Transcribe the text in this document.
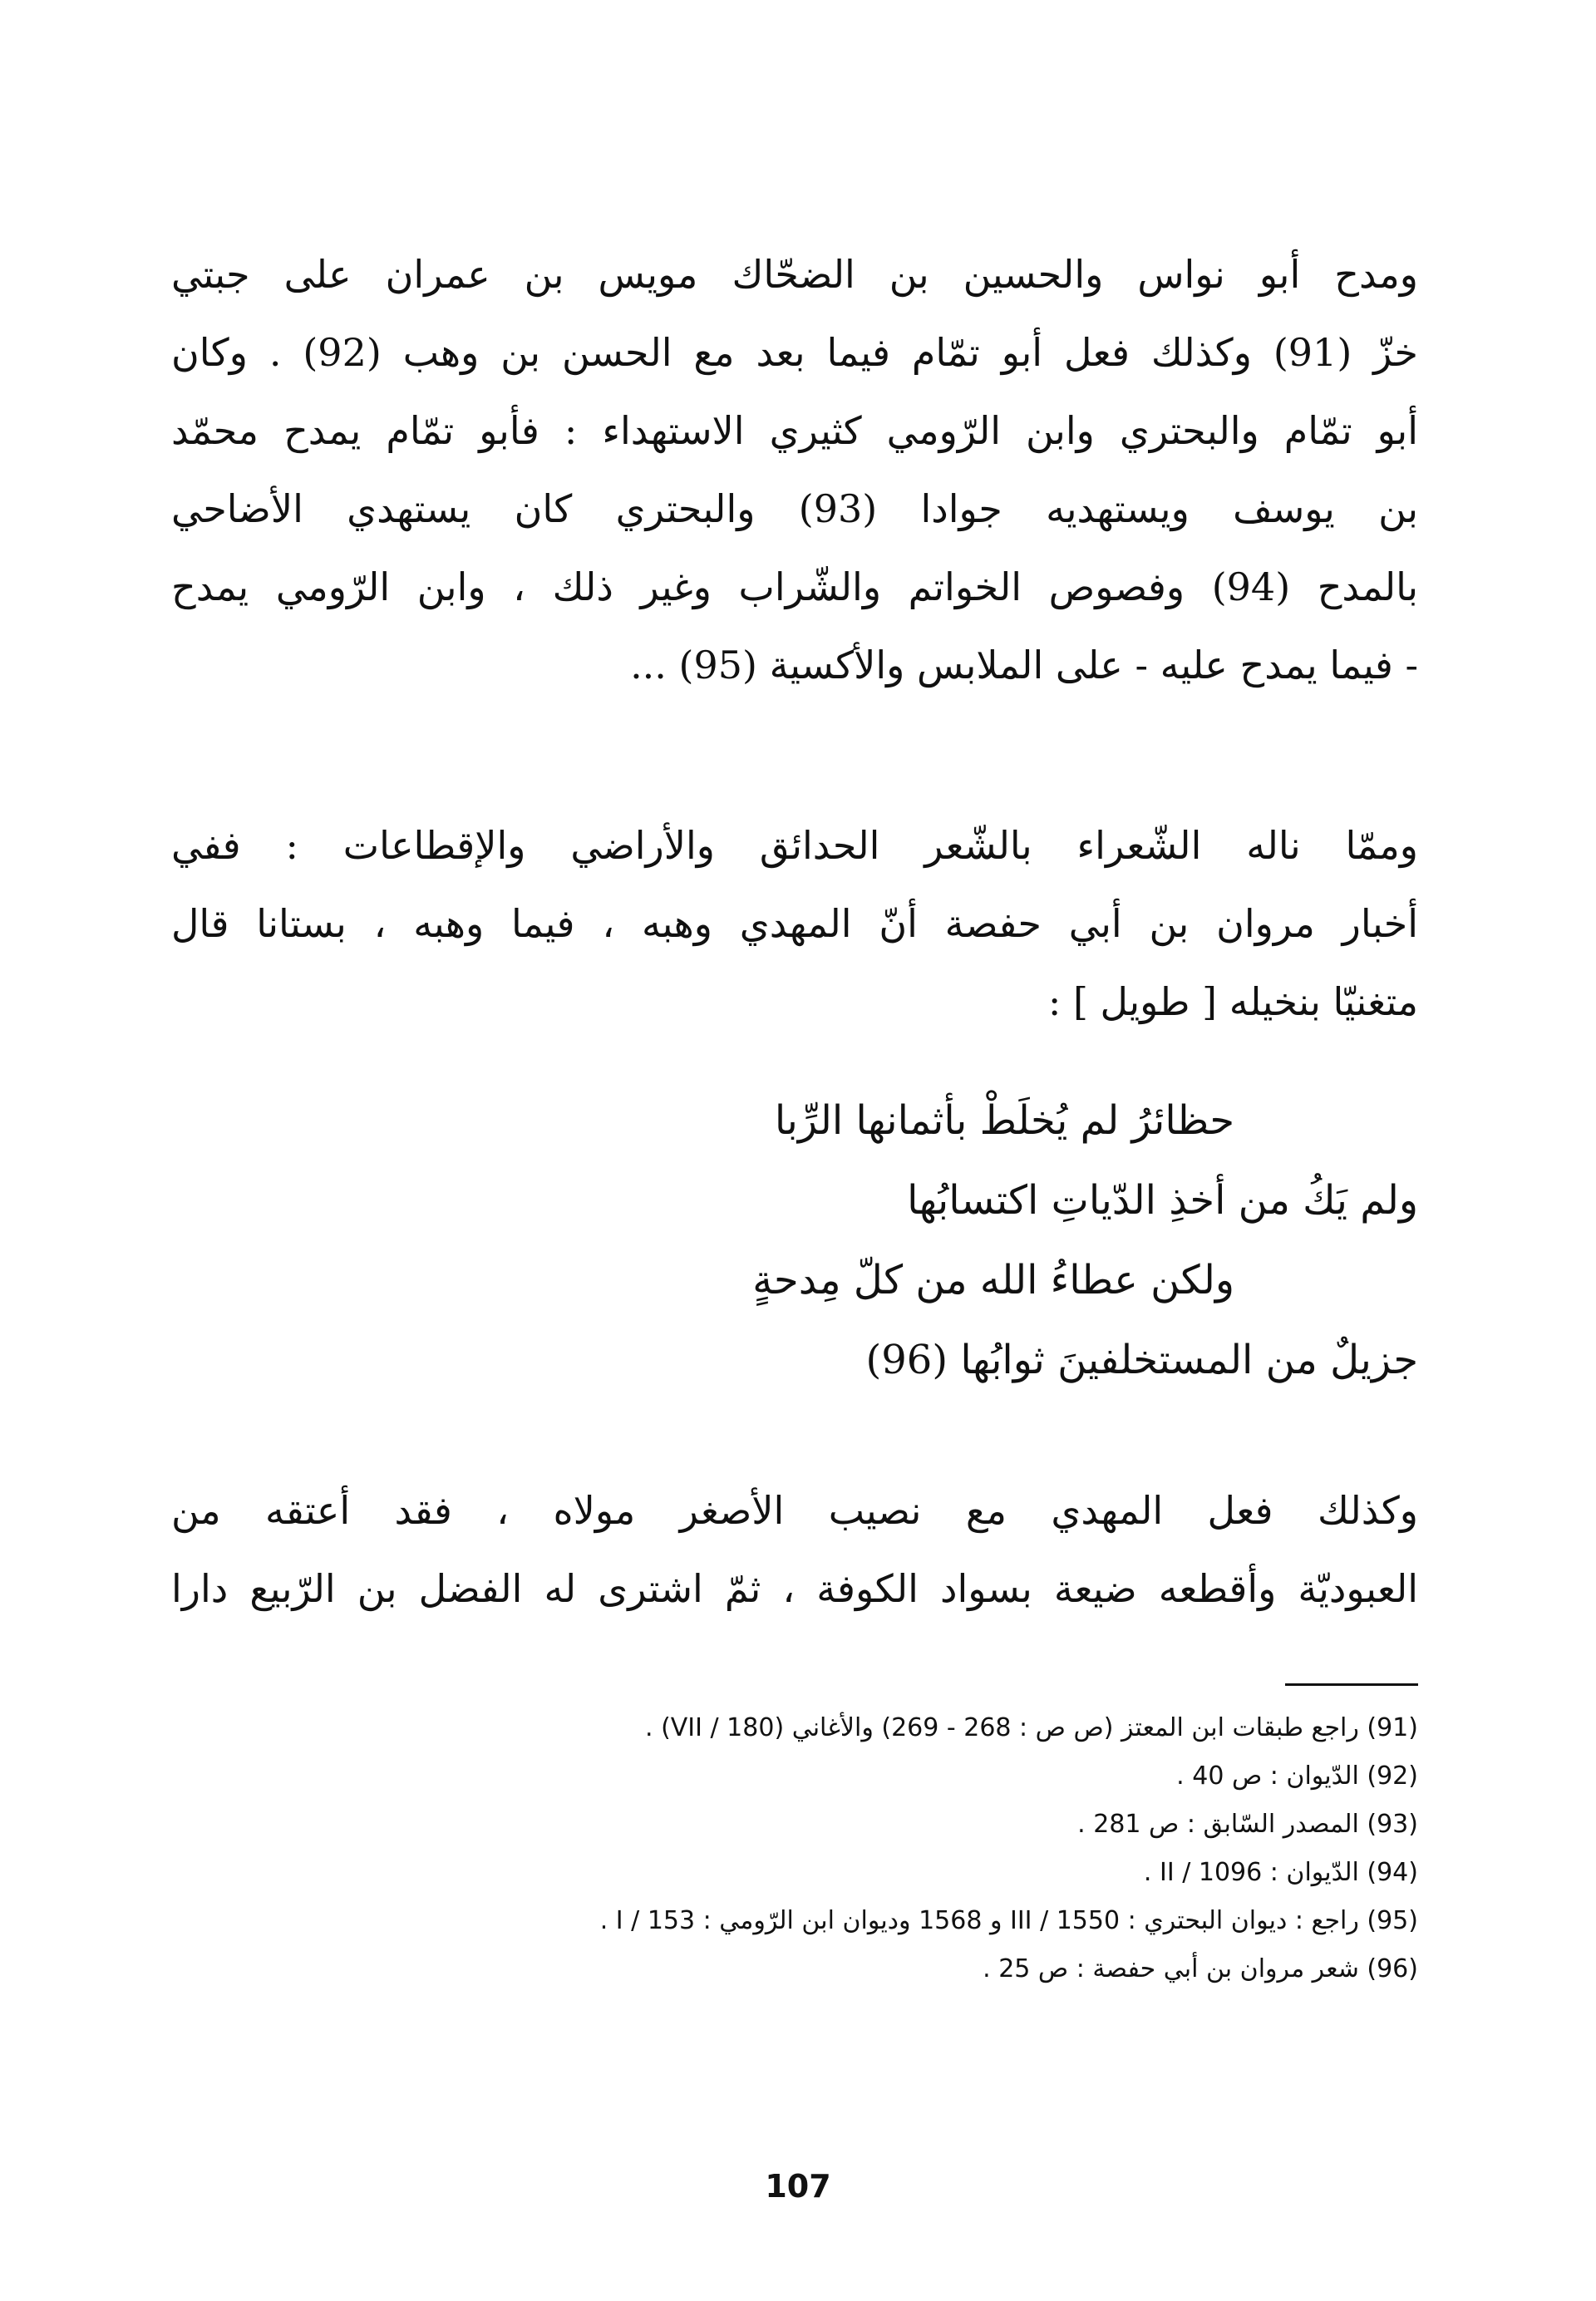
ومدح أبو نواس والحسين بن الضحّاك مويس بن عمران على جبتي
خزّ (91) وكذلك فعل أبو تمّام فيما بعد مع الحسن بن وهب (92) . وكان
أبو تمّام والبحتري وابن الرّومي كثيري الاستهداء : فأبو تمّام يمدح محمّد
بن يوسف ويستهديه جوادا (93) والبحتري كان يستهدي الأضاحي
بالمدح (94) وفصوص الخواتم والشّراب وغير ذلك ، وابن الرّومي يمدح
- فيما يمدح عليه - على الملابس والأكسية (95) ...
وممّا ناله الشّعراء بالشّعر الحدائق والأراضي والإقطاعات : ففي
أخبار مروان بن أبي حفصة أنّ المهدي وهبه ، فيما وهبه ، بستانا قال
متغنيّا بنخيله [ طويل ] :
حظائرُ لم يُخلَطْ بأثمانها الرِّبا
ولم يَكُ من أخذِ الدّياتِ اكتسابُها
ولكن عطاءُ الله من كلّ مِدحةٍ
جزيلٌ من المستخلفينَ ثوابُها (96)
وكذلك فعل المهدي مع نصيب الأصغر مولاه ، فقد أعتقه من
العبوديّة وأقطعه ضيعة بسواد الكوفة ، ثمّ اشترى له الفضل بن الرّبيع دارا
(91) راجع طبقات ابن المعتز (ص ص : 268 - 269) والأغاني (VII / 180) .
(92) الدّيوان : ص 40 .
(93) المصدر السّابق : ص 281 .
(94) الدّيوان : II / 1096 .
(95) راجع : ديوان البحتري : III / 1550 و 1568 وديوان ابن الرّومي : I / 153 .
(96) شعر مروان بن أبي حفصة : ص 25 .
107
